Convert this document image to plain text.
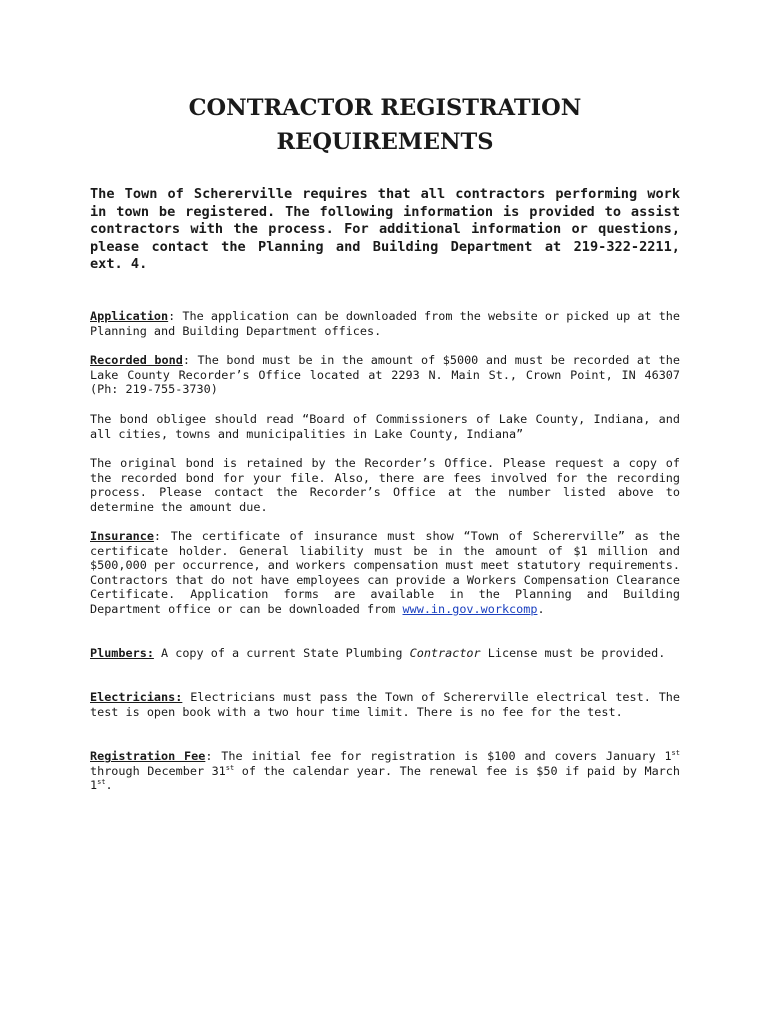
CONTRACTOR REGISTRATION
REQUIREMENTS

The Town of Schererville requires that all contractors performing work in town be registered. The following information is provided to assist contractors with the process. For additional information or questions, please contact the Planning and Building Department at 219-322-2211, ext. 4.

Application: The application can be downloaded from the website or picked up at the Planning and Building Department offices.

Recorded bond: The bond must be in the amount of $5000 and must be recorded at the Lake County Recorder’s Office located at 2293 N. Main St., Crown Point, IN 46307 (Ph: 219-755-3730)

The bond obligee should read “Board of Commissioners of Lake County, Indiana, and all cities, towns and municipalities in Lake County, Indiana”

The original bond is retained by the Recorder’s Office. Please request a copy of the recorded bond for your file. Also, there are fees involved for the recording process. Please contact the Recorder’s Office at the number listed above to determine the amount due.

Insurance: The certificate of insurance must show “Town of Schererville” as the certificate holder. General liability must be in the amount of $1 million and $500,000 per occurrence, and workers compensation must meet statutory requirements. Contractors that do not have employees can provide a Workers Compensation Clearance Certificate. Application forms are available in the Planning and Building Department office or can be downloaded from www.in.gov.workcomp.

Plumbers: A copy of a current State Plumbing Contractor License must be provided.

Electricians: Electricians must pass the Town of Schererville electrical test. The test is open book with a two hour time limit. There is no fee for the test.

Registration Fee: The initial fee for registration is $100 and covers January 1st through December 31st of the calendar year. The renewal fee is $50 if paid by March 1st.
